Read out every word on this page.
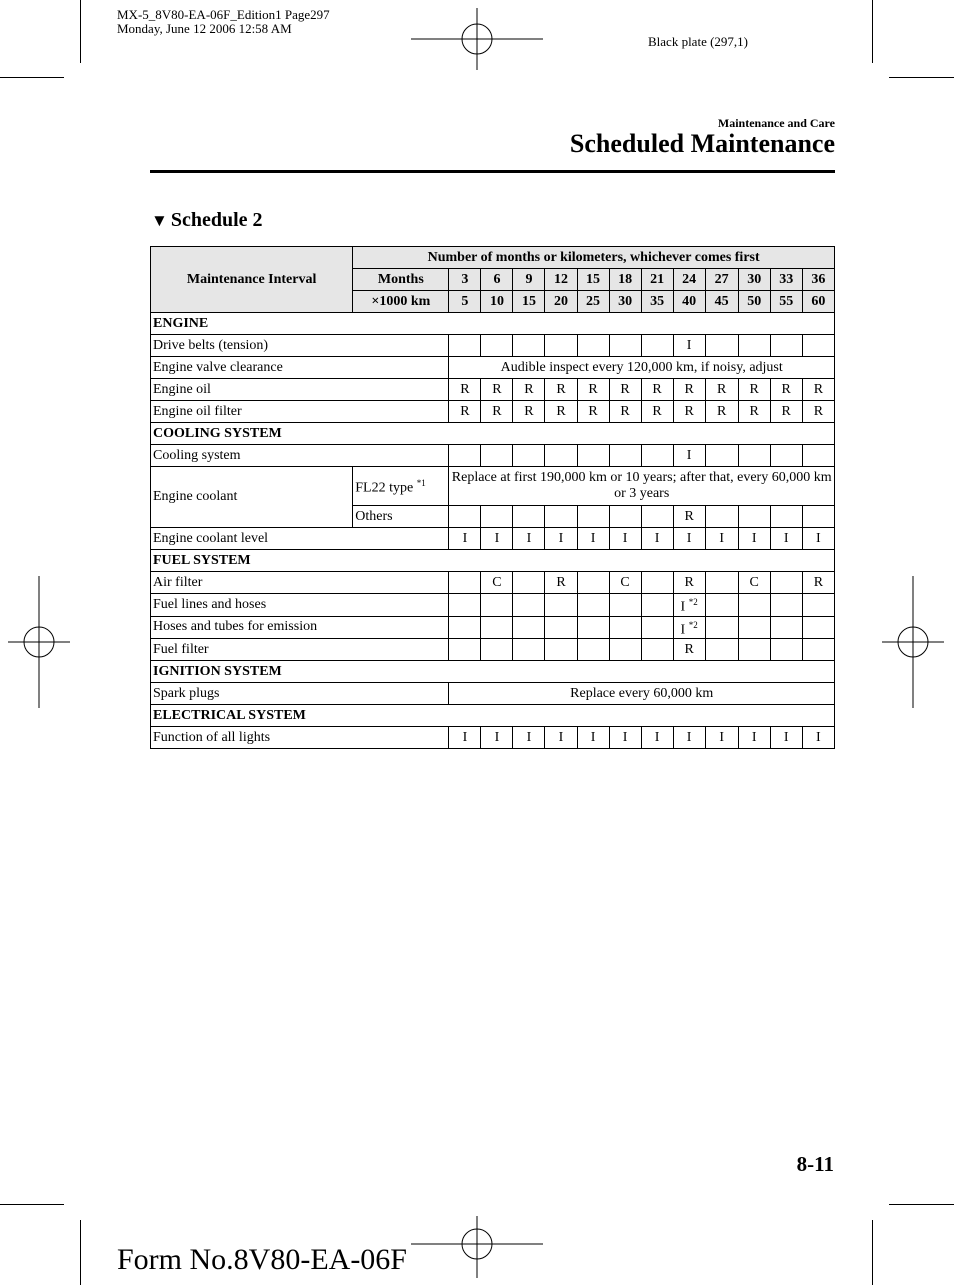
MX-5_8V80-EA-06F_Edition1 Page297
Monday, June 12 2006 12:58 AM
Black plate (297,1)
Maintenance and Care
Scheduled Maintenance
▼ Schedule 2
Maintenance Interval	Number of months or kilometers, whichever comes first												
	Months	3	6	9	12	15	18	21	24	27	30	33	36
	×1000 km	5	10	15	20	25	30	35	40	45	50	55	60
ENGINE													
Drive belts (tension)									I				
Engine valve clearance		Audible inspect every 120,000 km, if noisy, adjust											
Engine oil		R	R	R	R	R	R	R	R	R	R	R	R
Engine oil filter		R	R	R	R	R	R	R	R	R	R	R	R
COOLING SYSTEM													
Cooling system									I				
Engine coolant	FL22 type $^{*1}$	Replace at first 190,000 km or 10 years; after that, every 60,000 km or 3 years											
	Others								R				
Engine coolant level		I	I	I	I	I	I	I	I	I	I	I	I
FUEL SYSTEM													
Air filter			C		R		C		R		C		R
Fuel lines and hoses									I $^{*2}$				
Hoses and tubes for emission									I $^{*2}$				
Fuel filter									R				
IGNITION SYSTEM													
Spark plugs		Replace every 60,000 km											
ELECTRICAL SYSTEM													
Function of all lights		I	I	I	I	I	I	I	I	I	I	I	I
8-11
Form No.8V80-EA-06F
